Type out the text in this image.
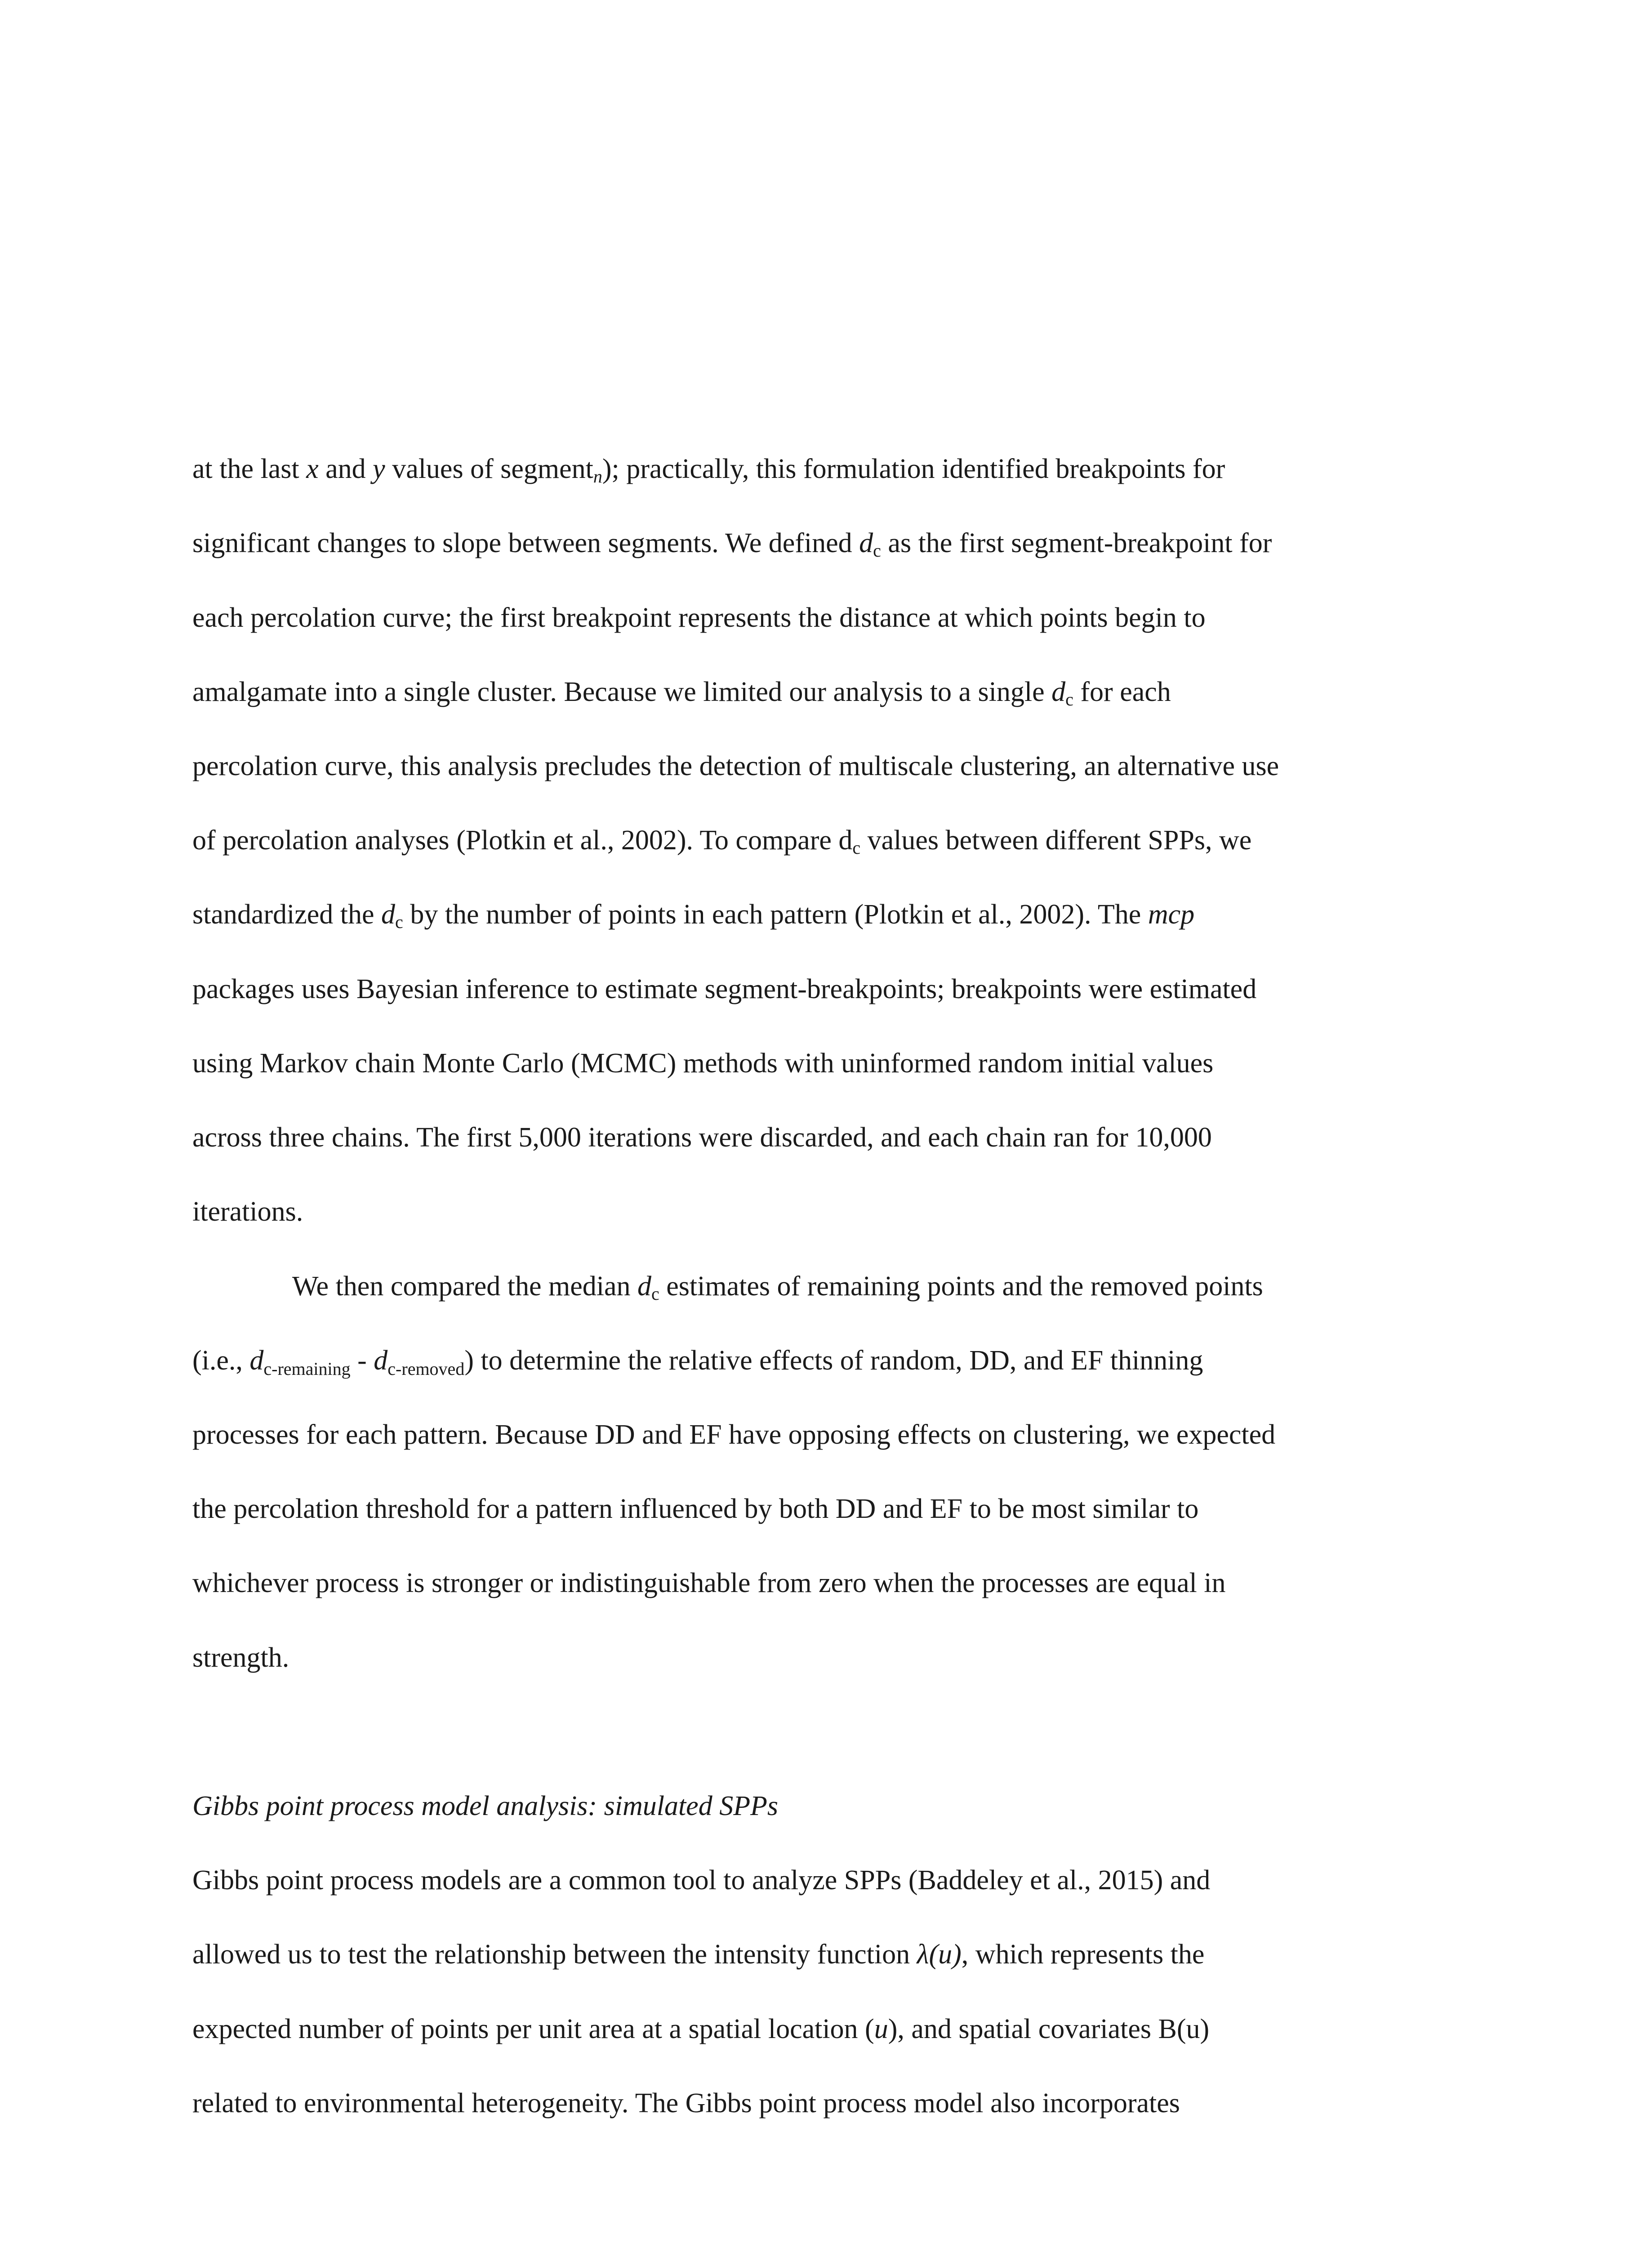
at the last x and y values of segment$_n$); practically, this formulation identified breakpoints for
significant changes to slope between segments. We defined $d_c$ as the first segment-breakpoint for
each percolation curve; the first breakpoint represents the distance at which points begin to
amalgamate into a single cluster. Because we limited our analysis to a single $d_c$ for each
percolation curve, this analysis precludes the detection of multiscale clustering, an alternative use
of percolation analyses (Plotkin et al., 2002). To compare $d_c$ values between different SPPs, we
standardized the $d_c$ by the number of points in each pattern (Plotkin et al., 2002). The mcp
packages uses Bayesian inference to estimate segment-breakpoints; breakpoints were estimated
using Markov chain Monte Carlo (MCMC) methods with uninformed random initial values
across three chains. The first 5,000 iterations were discarded, and each chain ran for 10,000
iterations.
We then compared the median $d_c$ estimates of remaining points and the removed points
(i.e., dc-remaining - dc-removed) to determine the relative effects of random, DD, and EF thinning
processes for each pattern. Because DD and EF have opposing effects on clustering, we expected
the percolation threshold for a pattern influenced by both DD and EF to be most similar to
whichever process is stronger or indistinguishable from zero when the processes are equal in
strength.
Gibbs point process model analysis: simulated SPPs
Gibbs point process models are a common tool to analyze SPPs (Baddeley et al., 2015) and
allowed us to test the relationship between the intensity function λ(u), which represents the
expected number of points per unit area at a spatial location (u), and spatial covariates B(u)
related to environmental heterogeneity. The Gibbs point process model also incorporates
